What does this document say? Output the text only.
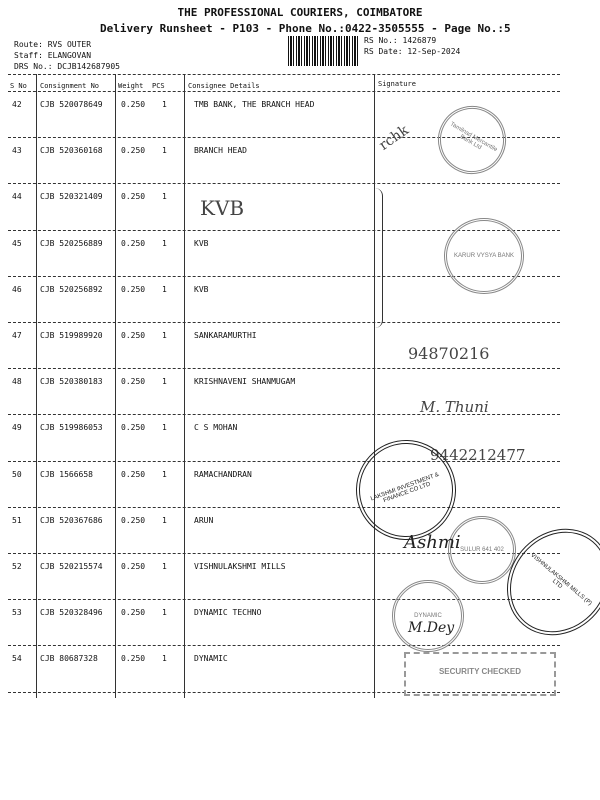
THE PROFESSIONAL COURIERS, COIMBATORE
Delivery Runsheet - P103 - Phone No.:0422-3505555 - Page No.:5
Route: RVS OUTER
Staff: ELANGOVAN
DRS No.: DCJB142687905
RS No.: 1426879
RS Date: 12-Sep-2024
S No Consignment No	Weight PCS	Consignee Details	Signature
42 CJB 520078649 0.250 1	TMB BANK, THE BRANCH HEAD
43 CJB 520360168 0.250 1	BRANCH HEAD
44 CJB 520321409 0.250 1
45 CJB 520256889 0.250 1	KVB
46 CJB 520256892 0.250 1	KVB
47 CJB 519989920 0.250 1	SANKARAMURTHI
48 CJB 520380183 0.250 1	KRISHNAVENI SHANMUGAM
49 CJB 519986053 0.250 1	C S MOHAN
50 CJB 1566658	0.250 1	RAMACHANDRAN
51 CJB 520367686 0.250 1	ARUN
52 CJB 520215574 0.250 1	VISHNULAKSHMI MILLS
53 CJB 520328496 0.250 1	DYNAMIC TECHNO
54 CJB 80687328	0.250 1	DYNAMIC
Tamilnad Mercantile Bank Ltd
rchk
KVB
KARUR VYSYA BANK
94870216
M. Thuni
9442212477
LAKSHMI INVESTMENT & FINANCE CO LTD
SULUR 641 402
Ashmi
VISHNULAKSHMI MILLS (P) LTD
DYNAMIC
M.Dey
SECURITY CHECKED
